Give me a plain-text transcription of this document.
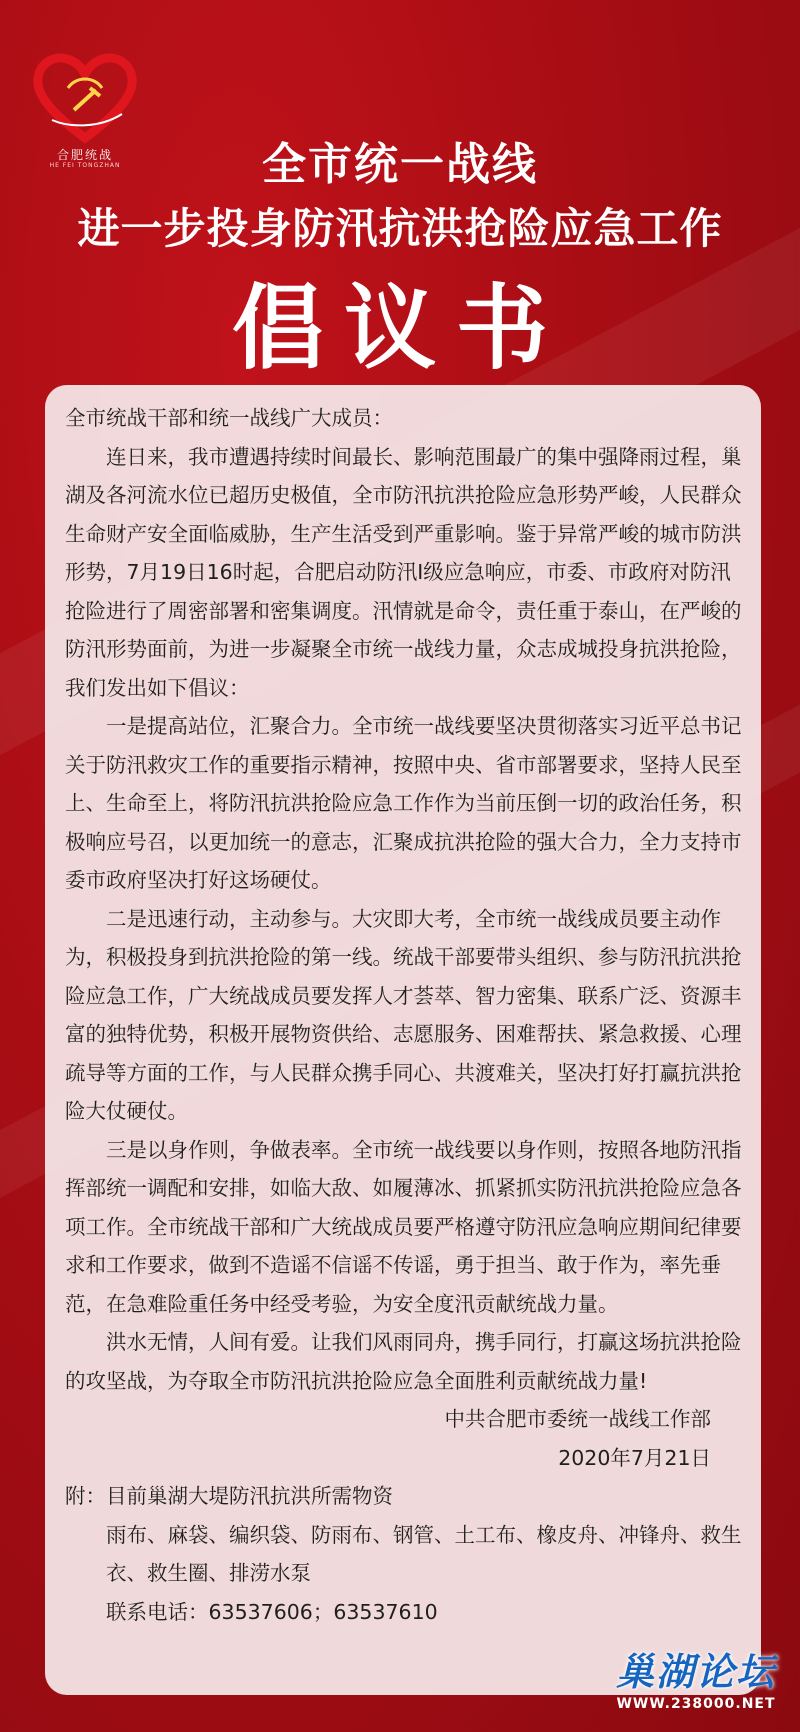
合肥统战
HE FEI TONGZHAN	全市统一战线
进一步投身防汛抗洪抢险应急工作
倡议书

全市统战干部和统一战线广大成员：

连日来，我市遭遇持续时间最长、影响范围最广的集中强降雨过程，巢湖及各河流水位已超历史极值，全市防汛抗洪抢险应急形势严峻，人民群众生命财产安全面临威胁，生产生活受到严重影响。鉴于异常严峻的城市防洪形势，7月19日16时起，合肥启动防汛I级应急响应，市委、市政府对防汛抢险进行了周密部署和密集调度。汛情就是命令，责任重于泰山，在严峻的防汛形势面前，为进一步凝聚全市统一战线力量，众志成城投身抗洪抢险，我们发出如下倡议：

一是提高站位，汇聚合力。全市统一战线要坚决贯彻落实习近平总书记关于防汛救灾工作的重要指示精神，按照中央、省市部署要求，坚持人民至上、生命至上，将防汛抗洪抢险应急工作作为当前压倒一切的政治任务，积极响应号召，以更加统一的意志，汇聚成抗洪抢险的强大合力，全力支持市委市政府坚决打好这场硬仗。

二是迅速行动，主动参与。大灾即大考，全市统一战线成员要主动作为，积极投身到抗洪抢险的第一线。统战干部要带头组织、参与防汛抗洪抢险应急工作，广大统战成员要发挥人才荟萃、智力密集、联系广泛、资源丰富的独特优势，积极开展物资供给、志愿服务、困难帮扶、紧急救援、心理疏导等方面的工作，与人民群众携手同心、共渡难关，坚决打好打赢抗洪抢险大仗硬仗。

三是以身作则，争做表率。全市统一战线要以身作则，按照各地防汛指挥部统一调配和安排，如临大敌、如履薄冰、抓紧抓实防汛抗洪抢险应急各项工作。全市统战干部和广大统战成员要严格遵守防汛应急响应期间纪律要求和工作要求，做到不造谣不信谣不传谣，勇于担当、敢于作为，率先垂范，在急难险重任务中经受考验，为安全度汛贡献统战力量。

洪水无情，人间有爱。让我们风雨同舟，携手同行，打赢这场抗洪抢险的攻坚战，为夺取全市防汛抗洪抢险应急全面胜利贡献统战力量!

中共合肥市委统一战线工作部

2020年7月21日

附：目前巢湖大堤防汛抗洪所需物资

雨布、麻袋、编织袋、防雨布、钢管、土工布、橡皮舟、冲锋舟、救生衣、救生圈、排涝水泵

联系电话：63537606；63537610

巢湖论坛
WWW.238000.NET
